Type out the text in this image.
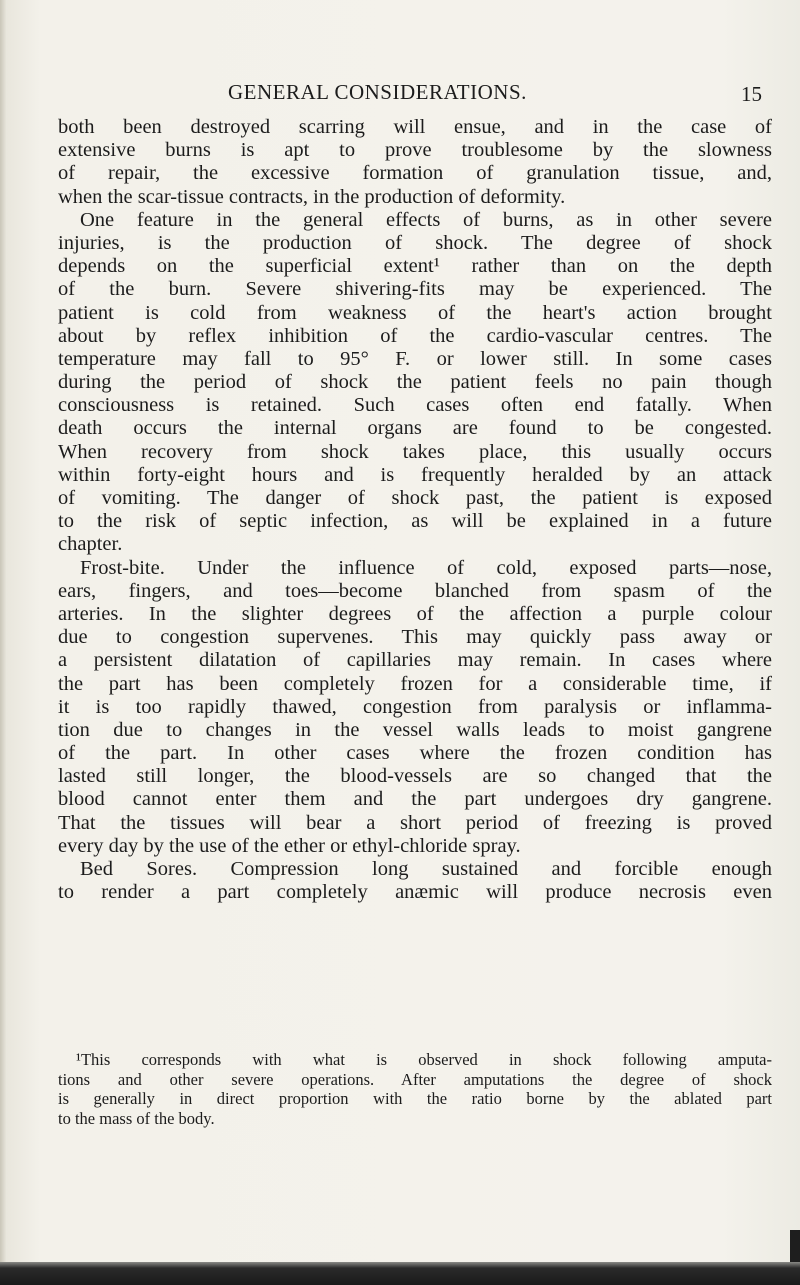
GENERAL CONSIDERATIONS.	15
both been destroyed scarring will ensue, and in the case of
extensive burns is apt to prove troublesome by the slowness
of repair, the excessive formation of granulation tissue, and,
when the scar-tissue contracts, in the production of deformity.
One feature in the general effects of burns, as in other severe
injuries, is the production of shock. The degree of shock
depends on the superficial extent¹ rather than on the depth
of the burn. Severe shivering-fits may be experienced. The
patient is cold from weakness of the heart's action brought
about by reflex inhibition of the cardio-vascular centres. The
temperature may fall to 95° F. or lower still. In some cases
during the period of shock the patient feels no pain though
consciousness is retained. Such cases often end fatally. When
death occurs the internal organs are found to be congested.
When recovery from shock takes place, this usually occurs
within forty-eight hours and is frequently heralded by an attack
of vomiting. The danger of shock past, the patient is exposed
to the risk of septic infection, as will be explained in a future
chapter.
Frost-bite. Under the influence of cold, exposed parts—nose,
ears, fingers, and toes—become blanched from spasm of the
arteries. In the slighter degrees of the affection a purple colour
due to congestion supervenes. This may quickly pass away or
a persistent dilatation of capillaries may remain. In cases where
the part has been completely frozen for a considerable time, if
it is too rapidly thawed, congestion from paralysis or inflamma-
tion due to changes in the vessel walls leads to moist gangrene
of the part. In other cases where the frozen condition has
lasted still longer, the blood-vessels are so changed that the
blood cannot enter them and the part undergoes dry gangrene.
That the tissues will bear a short period of freezing is proved
every day by the use of the ether or ethyl-chloride spray.
Bed Sores. Compression long sustained and forcible enough
to render a part completely anæmic will produce necrosis even
¹This corresponds with what is observed in shock following amputa-
tions and other severe operations. After amputations the degree of shock
is generally in direct proportion with the ratio borne by the ablated part
to the mass of the body.
